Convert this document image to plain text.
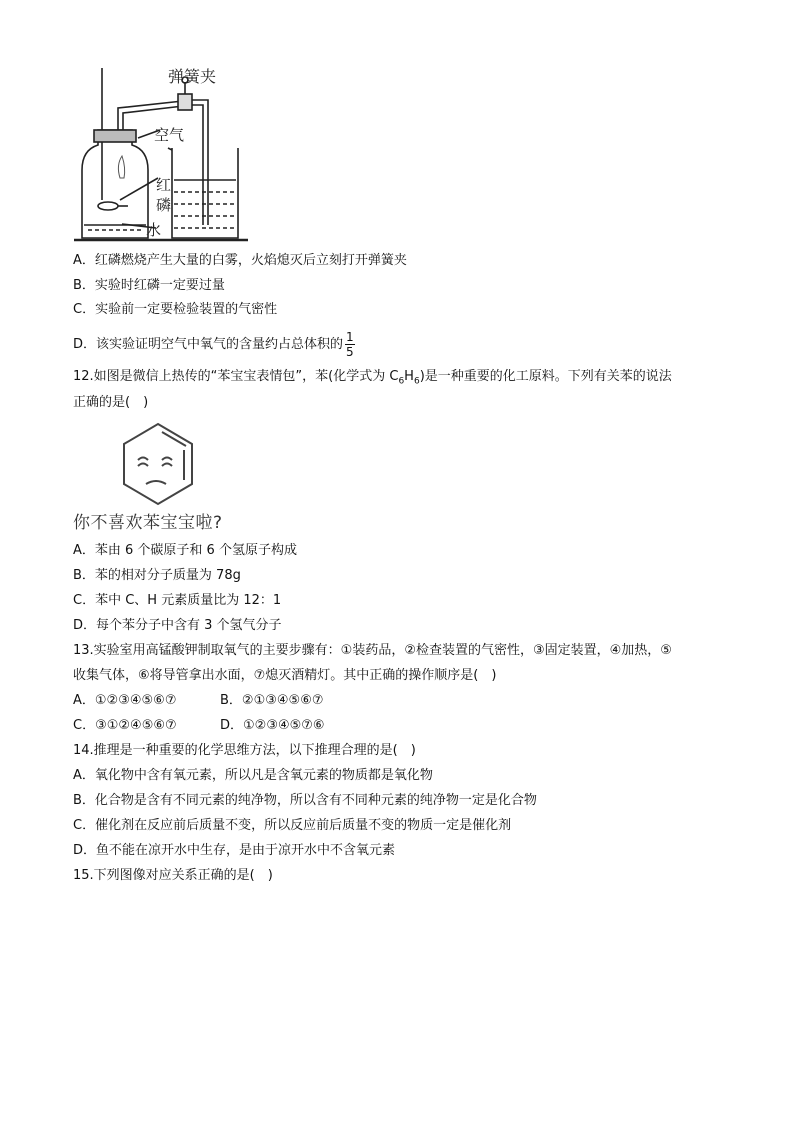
弹簧夹
空气
红
磷
水
A．红磷燃烧产生大量的白雾，火焰熄灭后立刻打开弹簧夹
B．实验时红磷一定要过量
C．实验前一定要检验装置的气密性
D．该实验证明空气中氧气的含量约占总体积的 $\frac{1}{5}$
12.如图是微信上热传的“苯宝宝表情包”，苯(化学式为 $C_6H_6$)是一种重要的化工原料。下列有关苯的说法
正确的是(　)
你不喜欢苯宝宝啦?
A．苯由 6 个碳原子和 6 个氢原子构成
B．苯的相对分子质量为 78g
C．苯中 C、H 元素质量比为 12：1
D．每个苯分子中含有 3 个氢气分子
13.实验室用高锰酸钾制取氧气的主要步骤有：①装药品，②检查装置的气密性，③固定装置，④加热，⑤
收集气体，⑥将导管拿出水面，⑦熄灭酒精灯。其中正确的操作顺序是(　)
A．①②③④⑤⑥⑦	B．②①③④⑤⑥⑦
C．③①②④⑤⑥⑦	D．①②③④⑤⑦⑥
14.推理是一种重要的化学思维方法，以下推理合理的是(　)
A．氧化物中含有氧元素，所以凡是含氧元素的物质都是氧化物
B．化合物是含有不同元素的纯净物，所以含有不同种元素的纯净物一定是化合物
C．催化剂在反应前后质量不变，所以反应前后质量不变的物质一定是催化剂
D．鱼不能在凉开水中生存，是由于凉开水中不含氧元素
15.下列图像对应关系正确的是(　)
